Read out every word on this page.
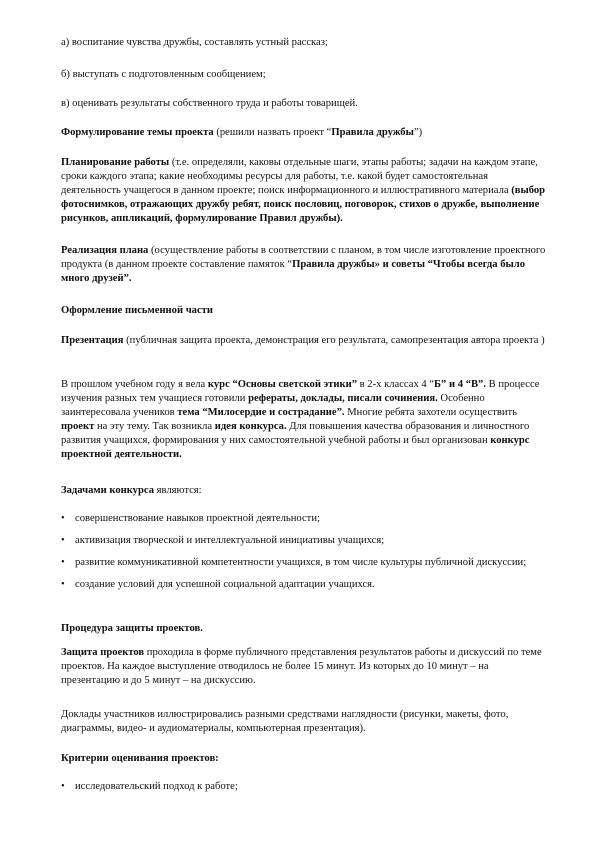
а) воспитание чувства дружбы, составлять устный рассказ;

б) выступать с подготовленным сообщением;

в) оценивать результаты собственного труда и работы товарищей.

Формулирование темы проекта (решили назвать проект “Правила дружбы”)

Планирование работы (т.е. определяли, каковы отдельные шаги, этапы работы; задачи на каждом этапе, сроки каждого этапа; какие необходимы ресурсы для работы, т.е. какой будет самостоятельная деятельность учащегося в данном проекте; поиск информационного и иллюстративного материала (выбор фотоснимков, отражающих дружбу ребят, поиск пословиц, поговорок, стихов о дружбе, выполнение рисунков, аппликаций, формулирование Правил дружбы).

Реализация плана (осуществление работы в соответствии с планом, в том числе изготовление проектного продукта (в данном проекте составление памяток “Правила дружбы» и советы “Чтобы всегда было много друзей”.

Оформление письменной части

Презентация (публичная защита проекта, демонстрация его результата, самопрезентация автора проекта )

В прошлом учебном году я вела курс “Основы светской этики” в 2-х классах 4 “Б” и 4 “В”. В процессе изучения разных тем учащиеся готовили рефераты, доклады, писали сочинения. Особенно заинтересовала учеников тема “Милосердие и сострадание”. Многие ребята захотели осуществить проект на эту тему. Так возникла идея конкурса. Для повышения качества образования и личностного развития учащихся, формирования у них самостоятельной учебной работы и был организован конкурс проектной деятельности.

Задачами конкурса являются:

• совершенствование навыков проектной деятельности;
• активизация творческой и интеллектуальной инициативы учащихся;
• развитие коммуникативной компетентности учащихся, в том числе культуры публичной дискуссии;
• создание условий для успешной социальной адаптации учащихся.

Процедура защиты проектов.

Защита проектов проходила в форме публичного представления результатов работы и дискуссий по теме проектов. На каждое выступление отводилось не более 15 минут. Из которых до 10 минут – на презентацию и до 5 минут – на дискуссию.

Доклады участников иллюстрировались разными средствами наглядности (рисунки, макеты, фото, диаграммы, видео- и аудиоматериалы, компьютерная презентация).

Критерии оценивания проектов:

• исследовательский подход к работе;
